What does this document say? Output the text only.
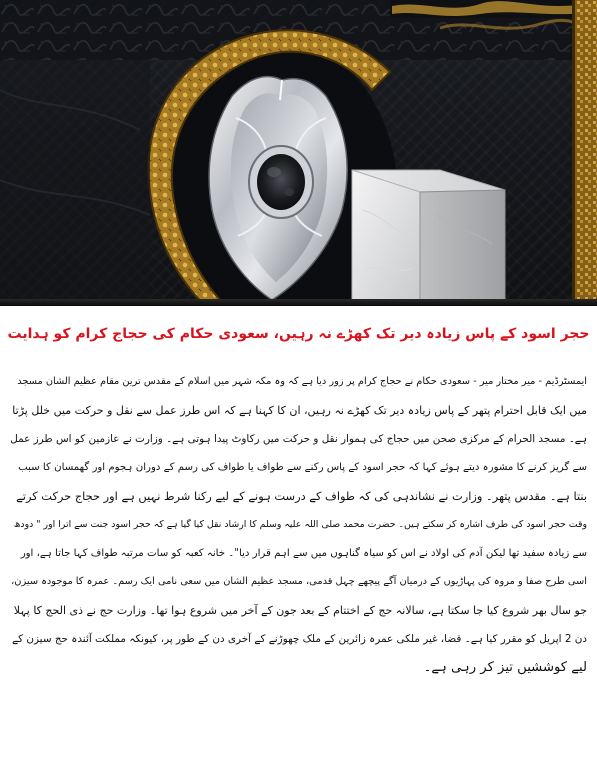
حجر اسود کے پاس زیادہ دیر تک کھڑے نہ رہیں، سعودی حکام کی حجاج کرام کو ہدایت
ایمسٹرڈیم - میر مختار میر - سعودی حکام نے حجاج کرام پر زور دیا ہے کہ وہ مکہ شہر میں اسلام کے مقدس ترین مقام عظیم الشان مسجد
میں ایک قابل احترام پتھر کے پاس زیادہ دیر تک کھڑے نہ رہیں، ان کا کہنا ہے کہ اس طرز عمل سے نقل و حرکت میں خلل پڑتا
ہے۔ مسجد الحرام کے مرکزی صحن میں حجاج کی ہموار نقل و حرکت میں رکاوٹ پیدا ہوتی ہے۔ وزارت نے عازمین کو اس طرز عمل
سے گریز کرنے کا مشورہ دیتے ہوئے کہا کہ حجر اسود کے پاس رکنے سے طواف یا طواف کی رسم کے دوران ہجوم اور گھمسان کا سبب
بنتا ہے۔ مقدس پتھر۔ وزارت نے نشاندہی کی کہ طواف کے درست ہونے کے لیے رکنا شرط نہیں ہے اور حجاج حرکت کرتے
وقت حجر اسود کی طرف اشارہ کر سکتے ہیں۔ حضرت محمد صلی اللہ علیہ وسلم کا ارشاد نقل کیا گیا ہے کہ حجر اسود جنت سے اترا اور " دودھ
سے زیادہ سفید تھا لیکن آدم کی اولاد نے اس کو سیاہ گناہوں میں سے اہم قرار دیا"۔ خانہ کعبہ کو سات مرتبہ طواف کہا جاتا ہے، اور
اسی طرح صفا و مروہ کی پہاڑیوں کے درمیان آگے پیچھے چہل قدمی، مسجد عظیم الشان میں سعی نامی ایک رسم۔ عمرہ کا موجودہ سیزن،
جو سال بھر شروع کیا جا سکتا ہے، سالانہ حج کے اختتام کے بعد جون کے آخر میں شروع ہوا تھا۔ وزارت حج نے ذی الحج کا پہلا
دن 2 اپریل کو مقرر کیا ہے۔ قضا، غیر ملکی عمرہ زائرین کے ملک چھوڑنے کے آخری دن کے طور پر، کیونکہ مملکت آئندہ حج سیزن کے
لیے کوششیں تیز کر رہی ہے۔
